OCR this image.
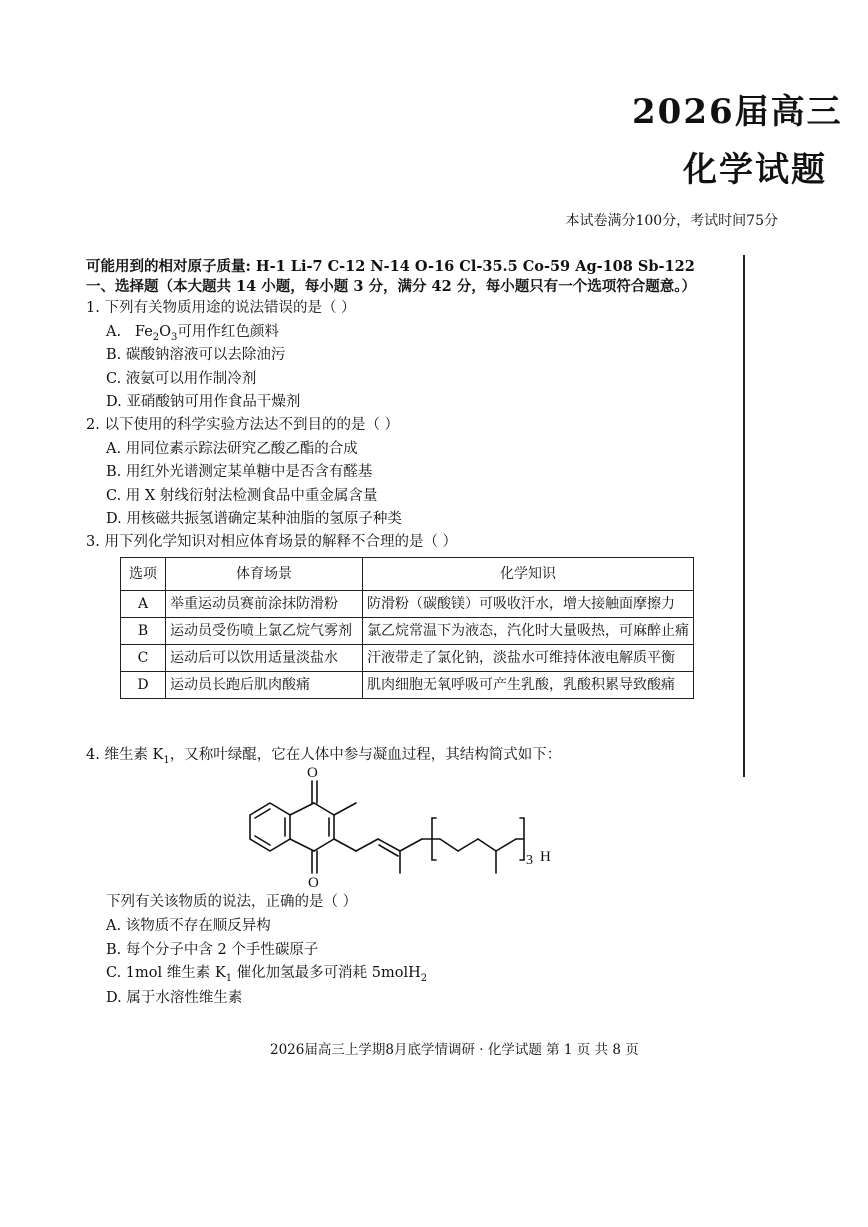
2026届高三
化学试题
本试卷满分100分，考试时间75分
可能用到的相对原子质量: H-1 Li-7 C-12 N-14 O-16 Cl-35.5 Co-59 Ag-108 Sb-122
一、选择题（本大题共 14 小题，每小题 3 分，满分 42 分，每小题只有一个选项符合题意。）
1. 下列有关物质用途的说法错误的是（ ）
A. $Fe_2O_3$可用作红色颜料
B. 碳酸钠溶液可以去除油污
C. 液氨可以用作制冷剂
D. 亚硝酸钠可用作食品干燥剂
2. 以下使用的科学实验方法达不到目的的是（ ）
A. 用同位素示踪法研究乙酸乙酯的合成
B. 用红外光谱测定某单糖中是否含有醛基
C. 用 X 射线衍射法检测食品中重金属含量
D. 用核磁共振氢谱确定某种油脂的氢原子种类
3. 用下列化学知识对相应体育场景的解释不合理的是（ ）
选项	体育场景	化学知识
A	举重运动员赛前涂抹防滑粉	防滑粉（碳酸镁）可吸收汗水，增大接触面摩擦力
B	运动员受伤喷上氯乙烷气雾剂	氯乙烷常温下为液态，汽化时大量吸热，可麻醉止痛
C	运动后可以饮用适量淡盐水	汗液带走了氯化钠，淡盐水可维持体液电解质平衡
D	运动员长跑后肌肉酸痛	肌肉细胞无氧呼吸可产生乳酸，乳酸积累导致酸痛
4. 维生素 $K_1$，又称叶绿醌，它在人体中参与凝血过程，其结构简式如下：
O
O
3 H
下列有关该物质的说法，正确的是（ ）
A. 该物质不存在顺反异构
B. 每个分子中含 2 个手性碳原子
C. 1mol 维生素 $K_1$ 催化加氢最多可消耗 5molH$_2$
D. 属于水溶性维生素
2026届高三上学期8月底学情调研 · 化学试题 第 1 页 共 8 页
